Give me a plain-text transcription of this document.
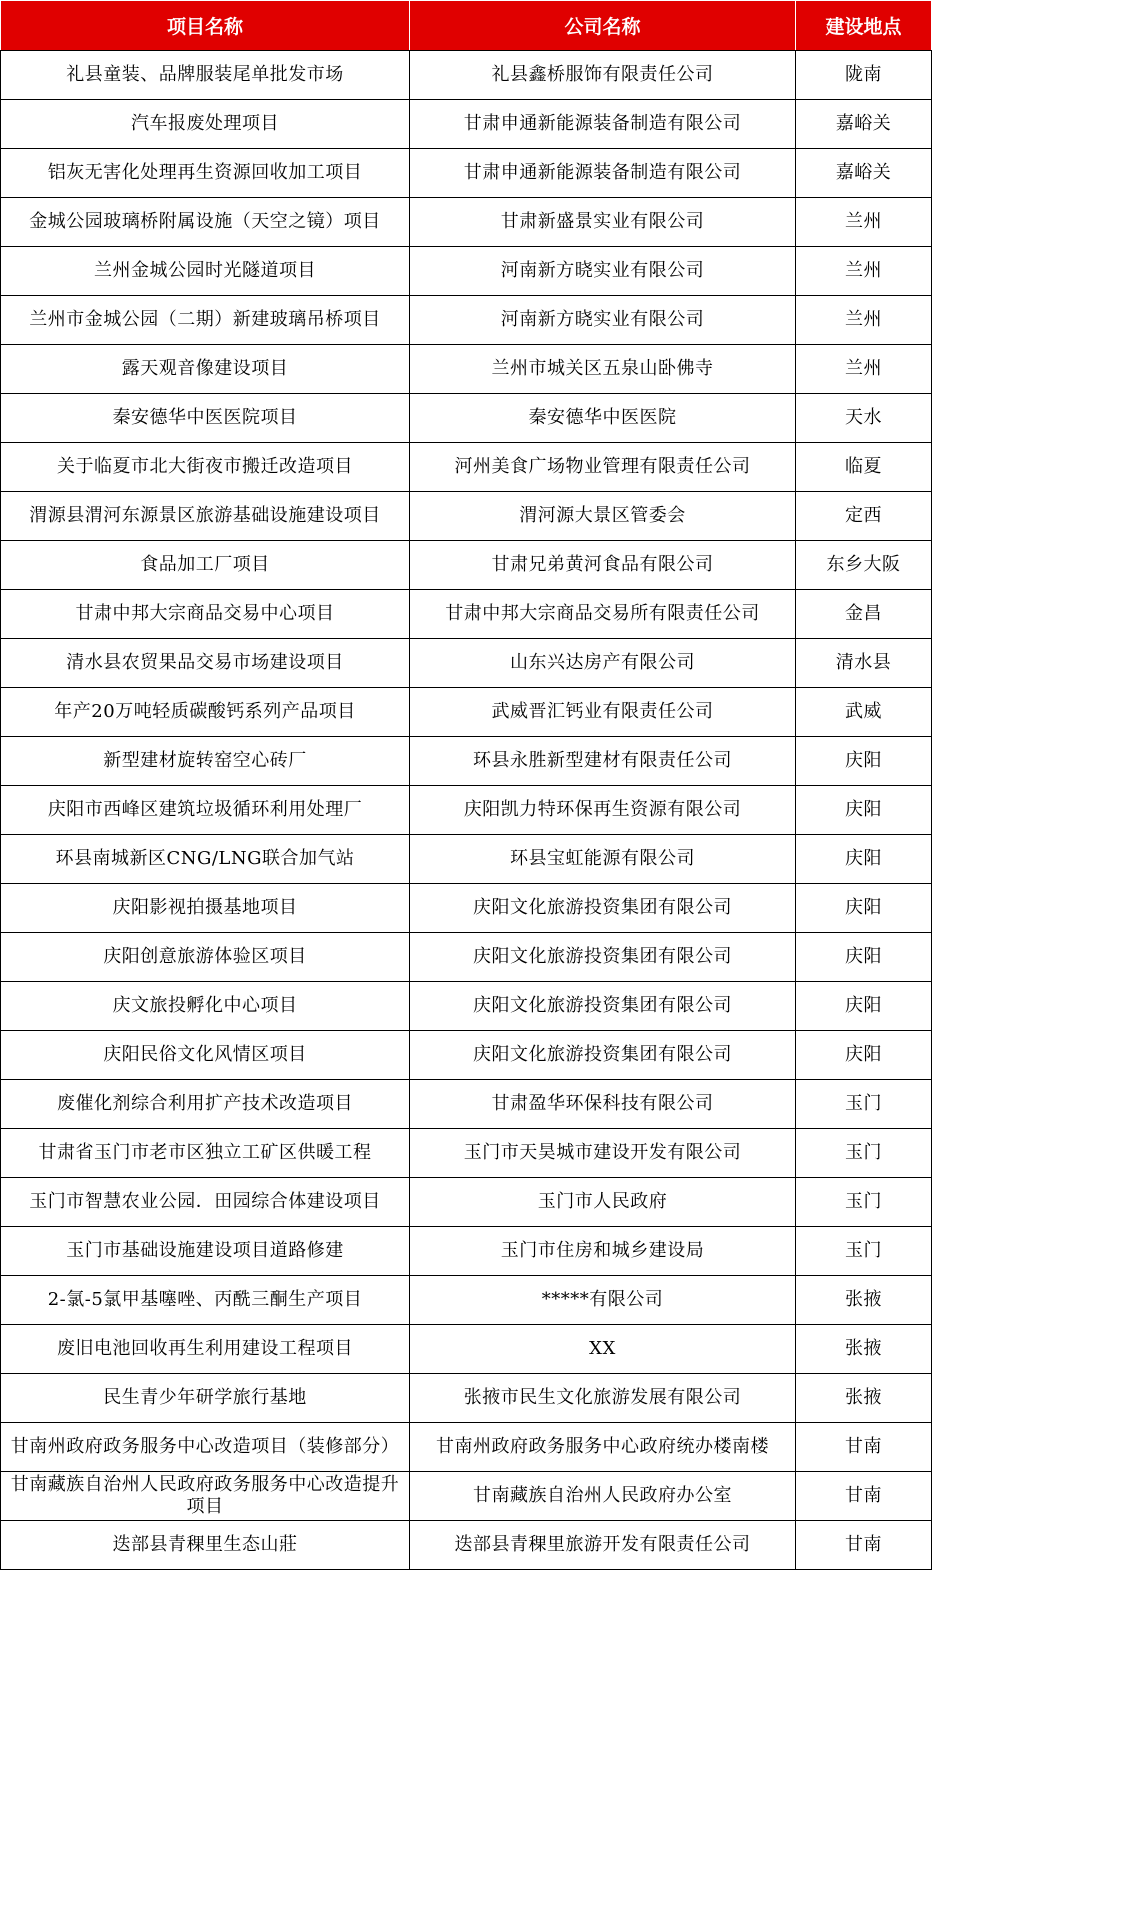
项目名称	公司名称	建设地点
礼县童装、品牌服装尾单批发市场	礼县鑫桥服饰有限责任公司	陇南
汽车报废处理项目	甘肃申通新能源装备制造有限公司	嘉峪关
铝灰无害化处理再生资源回收加工项目	甘肃申通新能源装备制造有限公司	嘉峪关
金城公园玻璃桥附属设施（天空之镜）项目	甘肃新盛景实业有限公司	兰州
兰州金城公园时光隧道项目	河南新方晓实业有限公司	兰州
兰州市金城公园（二期）新建玻璃吊桥项目	河南新方晓实业有限公司	兰州
露天观音像建设项目	兰州市城关区五泉山卧佛寺	兰州
秦安德华中医医院项目	秦安德华中医医院	天水
关于临夏市北大街夜市搬迁改造项目	河州美食广场物业管理有限责任公司	临夏
渭源县渭河东源景区旅游基础设施建设项目	渭河源大景区管委会	定西
食品加工厂项目	甘肃兄弟黄河食品有限公司	东乡大阪
甘肃中邦大宗商品交易中心项目	甘肃中邦大宗商品交易所有限责任公司	金昌
清水县农贸果品交易市场建设项目	山东兴达房产有限公司	清水县
年产20万吨轻质碳酸钙系列产品项目	武威晋汇钙业有限责任公司	武威
新型建材旋转窑空心砖厂	环县永胜新型建材有限责任公司	庆阳
庆阳市西峰区建筑垃圾循环利用处理厂	庆阳凯力特环保再生资源有限公司	庆阳
环县南城新区CNG/LNG联合加气站	环县宝虹能源有限公司	庆阳
庆阳影视拍摄基地项目	庆阳文化旅游投资集团有限公司	庆阳
庆阳创意旅游体验区项目	庆阳文化旅游投资集团有限公司	庆阳
庆文旅投孵化中心项目	庆阳文化旅游投资集团有限公司	庆阳
庆阳民俗文化风情区项目	庆阳文化旅游投资集团有限公司	庆阳
废催化剂综合利用扩产技术改造项目	甘肃盈华环保科技有限公司	玉门
甘肃省玉门市老市区独立工矿区供暖工程	玉门市天昊城市建设开发有限公司	玉门
玉门市智慧农业公园．田园综合体建设项目	玉门市人民政府	玉门
玉门市基础设施建设项目道路修建	玉门市住房和城乡建设局	玉门
2-氯-5氯甲基噻唑、丙酰三酮生产项目	*****有限公司	张掖
废旧电池回收再生利用建设工程项目	XX	张掖
民生青少年研学旅行基地	张掖市民生文化旅游发展有限公司	张掖
甘南州政府政务服务中心改造项目（装修部分）	甘南州政府政务服务中心政府统办楼南楼	甘南
甘南藏族自治州人民政府政务服务中心改造提升项目	甘南藏族自治州人民政府办公室	甘南
迭部县青稞里生态山莊	迭部县青稞里旅游开发有限责任公司	甘南
